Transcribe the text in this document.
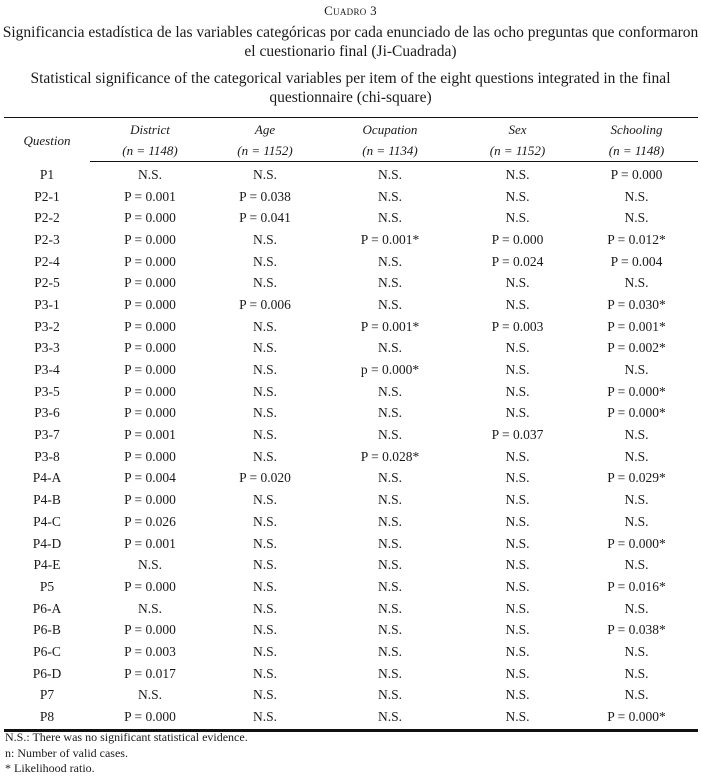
Cuadro 3
Significancia estadística de las variables categóricas por cada enunciado de las ocho preguntas que conformaron el cuestionario final (Ji-Cuadrada)
Statistical significance of the categorical variables per item of the eight questions integrated in the final questionnaire (chi-square)
Question	District	Age	Ocupation	Sex	Schooling
	(n = 1148)	(n = 1152)	(n = 1134)	(n = 1152)	(n = 1148)
P1	N.S.	N.S.	N.S.	N.S.	P = 0.000
P2-1	P = 0.001	P = 0.038	N.S.	N.S.	N.S.
P2-2	P = 0.000	P = 0.041	N.S.	N.S.	N.S.
P2-3	P = 0.000	N.S.	P = 0.001*	P = 0.000	P = 0.012*
P2-4	P = 0.000	N.S.	N.S.	P = 0.024	P = 0.004
P2-5	P = 0.000	N.S.	N.S.	N.S.	N.S.
P3-1	P = 0.000	P = 0.006	N.S.	N.S.	P = 0.030*
P3-2	P = 0.000	N.S.	P = 0.001*	P = 0.003	P = 0.001*
P3-3	P = 0.000	N.S.	N.S.	N.S.	P = 0.002*
P3-4	P = 0.000	N.S.	p = 0.000*	N.S.	N.S.
P3-5	P = 0.000	N.S.	N.S.	N.S.	P = 0.000*
P3-6	P = 0.000	N.S.	N.S.	N.S.	P = 0.000*
P3-7	P = 0.001	N.S.	N.S.	P = 0.037	N.S.
P3-8	P = 0.000	N.S.	P = 0.028*	N.S.	N.S.
P4-A	P = 0.004	P = 0.020	N.S.	N.S.	P = 0.029*
P4-B	P = 0.000	N.S.	N.S.	N.S.	N.S.
P4-C	P = 0.026	N.S.	N.S.	N.S.	N.S.
P4-D	P = 0.001	N.S.	N.S.	N.S.	P = 0.000*
P4-E	N.S.	N.S.	N.S.	N.S.	N.S.
P5	P = 0.000	N.S.	N.S.	N.S.	P = 0.016*
P6-A	N.S.	N.S.	N.S.	N.S.	N.S.
P6-B	P = 0.000	N.S.	N.S.	N.S.	P = 0.038*
P6-C	P = 0.003	N.S.	N.S.	N.S.	N.S.
P6-D	P = 0.017	N.S.	N.S.	N.S.	N.S.
P7	N.S.	N.S.	N.S.	N.S.	N.S.
P8	P = 0.000	N.S.	N.S.	N.S.	P = 0.000*
N.S.: There was no significant statistical evidence.
n: Number of valid cases.
* Likelihood ratio.
